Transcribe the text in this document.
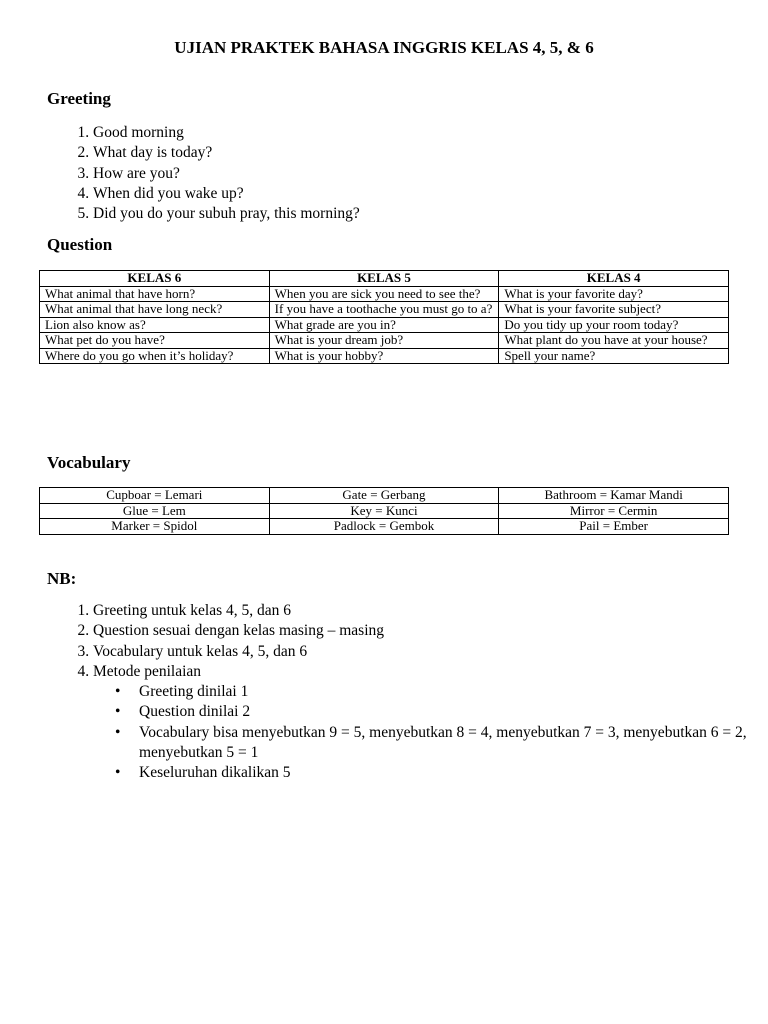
UJIAN PRAKTEK BAHASA INGGRIS KELAS 4, 5, & 6
Greeting
1. Good morning
2. What day is today?
3. How are you?
4. When did you wake up?
5. Did you do your subuh pray, this morning?
Question
KELAS 6	KELAS 5	KELAS 4
What animal that have horn?	When you are sick you need to see the?	What is your favorite day?
What animal that have long neck?	If you have a toothache you must go to a?	What is your favorite subject?
Lion also know as?	What grade are you in?	Do you tidy up your room today?
What pet do you have?	What is your dream job?	What plant do you have at your house?
Where do you go when it’s holiday?	What is your hobby?	Spell your name?
Vocabulary
Cupboar = Lemari	Gate = Gerbang	Bathroom = Kamar Mandi
Glue = Lem	Key = Kunci	Mirror = Cermin
Marker = Spidol	Padlock = Gembok	Pail = Ember
NB:
1. Greeting untuk kelas 4, 5, dan 6
2. Question sesuai dengan kelas masing – masing
3. Vocabulary untuk kelas 4, 5, dan 6
4. Metode penilaian
• Greeting dinilai 1
• Question dinilai 2
• Vocabulary bisa menyebutkan 9 = 5, menyebutkan 8 = 4, menyebutkan 7 = 3, menyebutkan 6 = 2, menyebutkan 5 = 1
• Keseluruhan dikalikan 5
